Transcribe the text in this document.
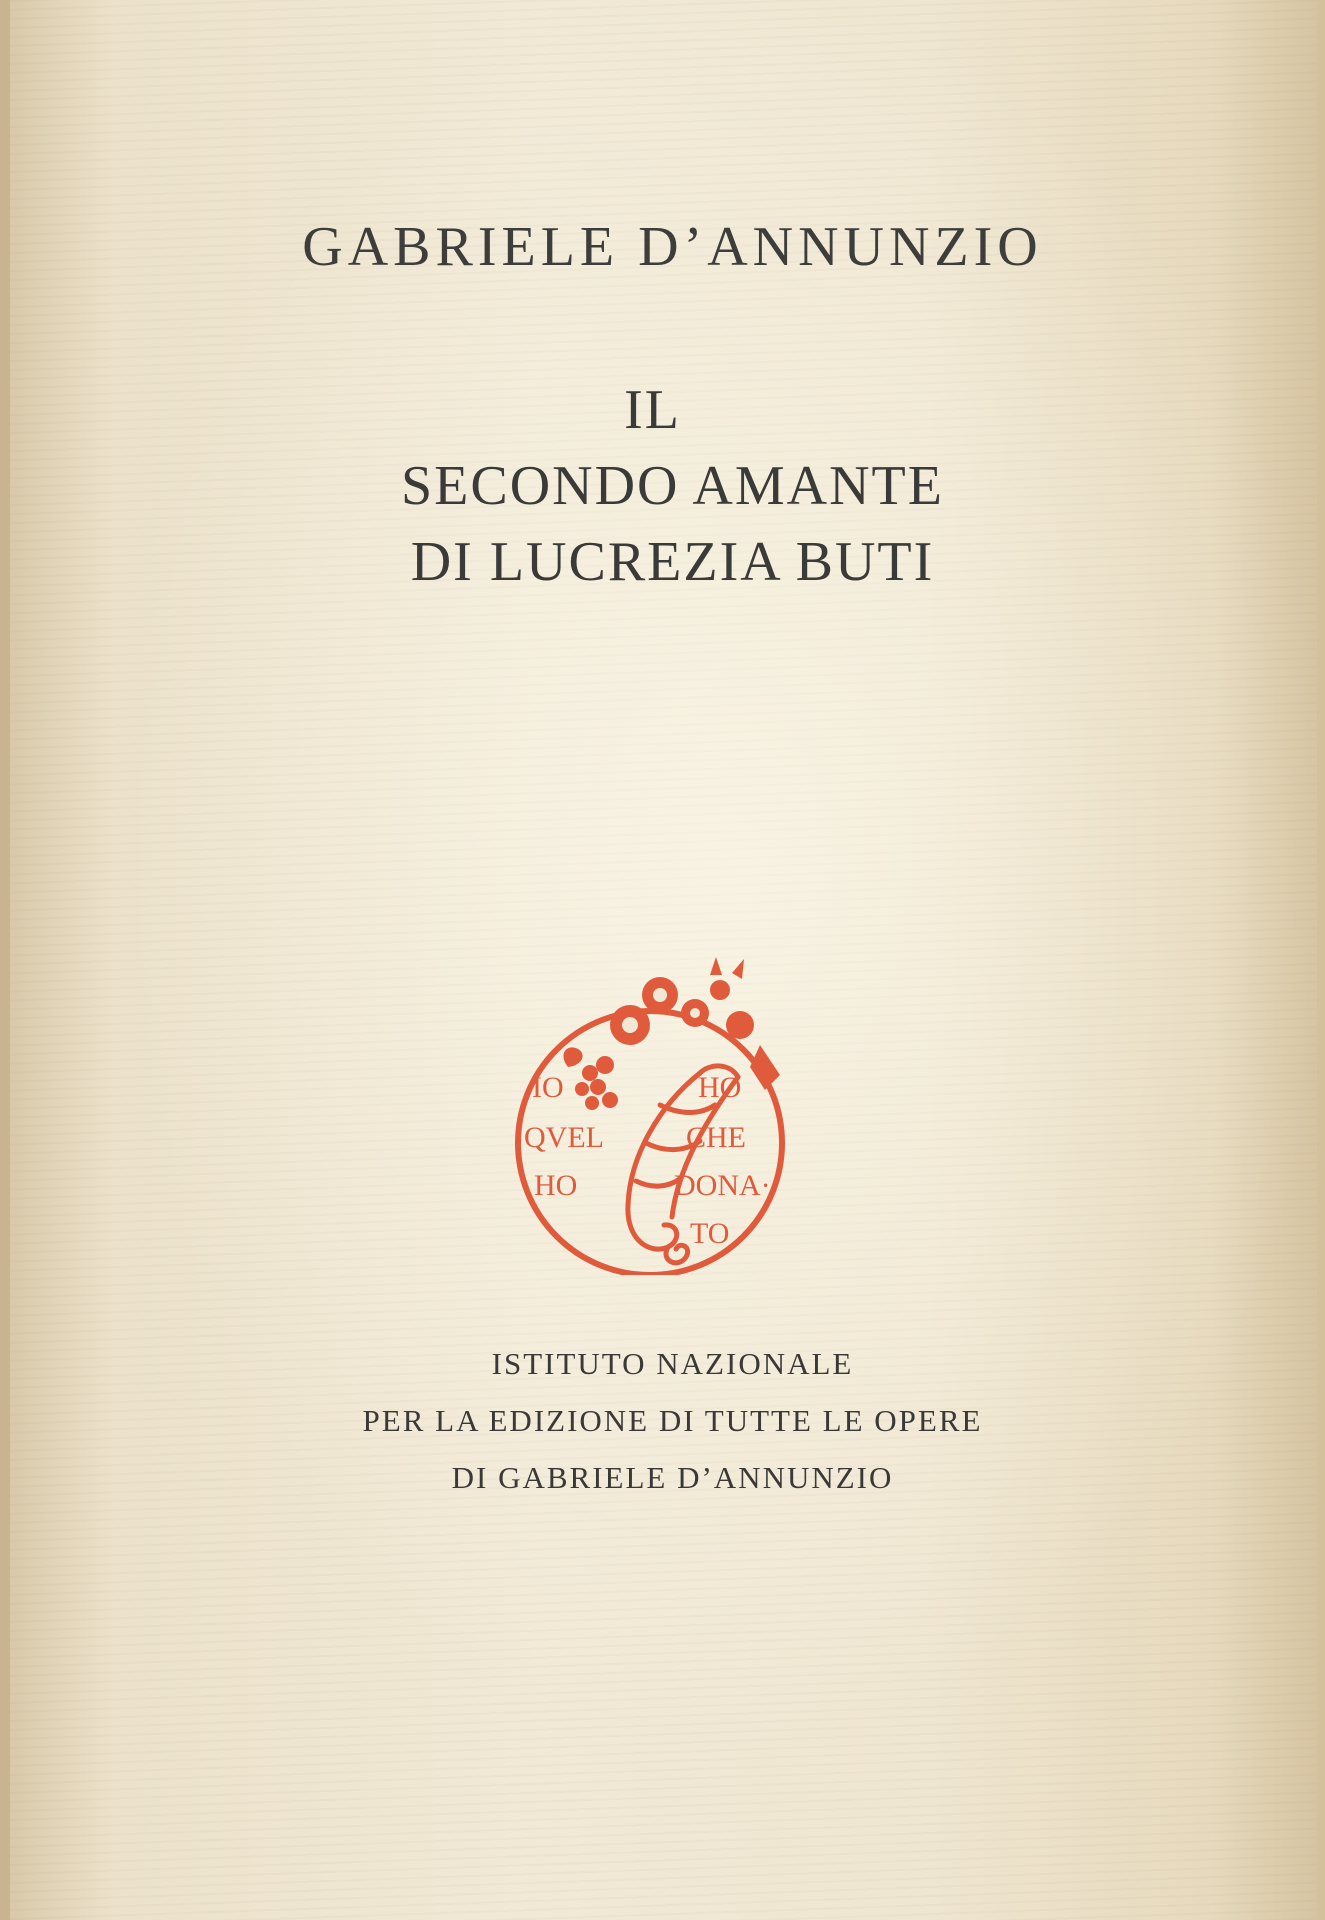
GABRIELE D’ANNUNZIO
IL
SECONDO AMANTE
DI LUCREZIA BUTI
IO	HO
QVEL	CHE
HO	DONA·
TO
ISTITUTO NAZIONALE
PER LA EDIZIONE DI TUTTE LE OPERE
DI GABRIELE D’ANNUNZIO
